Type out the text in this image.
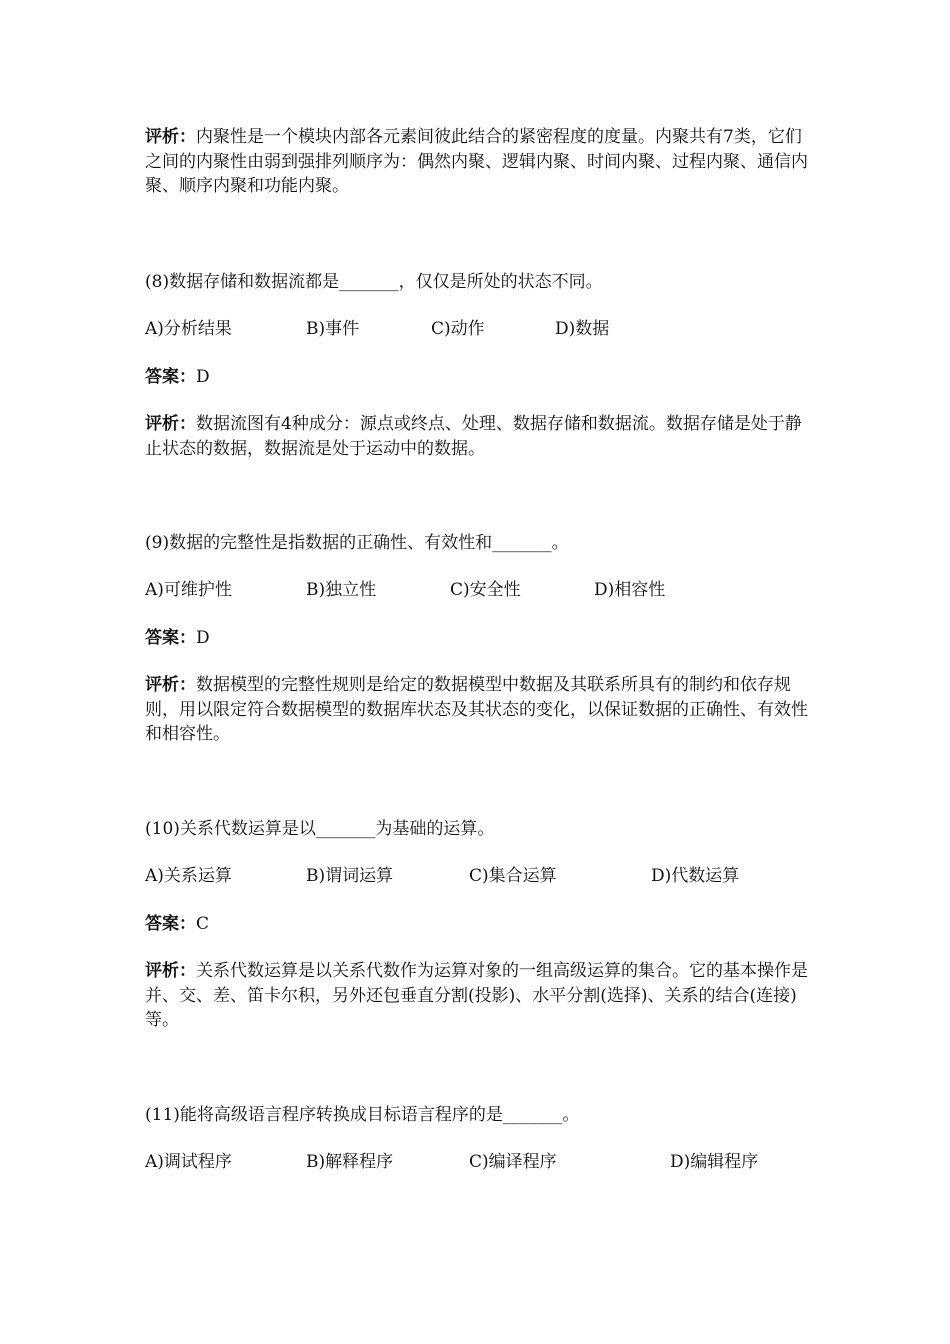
评析：内聚性是一个模块内部各元素间彼此结合的紧密程度的度量。内聚共有7类，它们之间的内聚性由弱到强排列顺序为：偶然内聚、逻辑内聚、时间内聚、过程内聚、通信内聚、顺序内聚和功能内聚。
(8)数据存储和数据流都是_______，仅仅是所处的状态不同。
A)分析结果	B)事件	C)动作	D)数据
答案：D
评析：数据流图有4种成分：源点或终点、处理、数据存储和数据流。数据存储是处于静止状态的数据，数据流是处于运动中的数据。
(9)数据的完整性是指数据的正确性、有效性和_______。
A)可维护性	B)独立性	C)安全性	D)相容性
答案：D
评析：数据模型的完整性规则是给定的数据模型中数据及其联系所具有的制约和依存规则，用以限定符合数据模型的数据库状态及其状态的变化，以保证数据的正确性、有效性和相容性。
(10)关系代数运算是以_______为基础的运算。
A)关系运算	B)谓词运算	C)集合运算	D)代数运算
答案：C
评析：关系代数运算是以关系代数作为运算对象的一组高级运算的集合。它的基本操作是并、交、差、笛卡尔积，另外还包垂直分割(投影)、水平分割(选择)、关系的结合(连接)等。
(11)能将高级语言程序转换成目标语言程序的是_______。
A)调试程序	B)解释程序	C)编译程序	D)编辑程序
